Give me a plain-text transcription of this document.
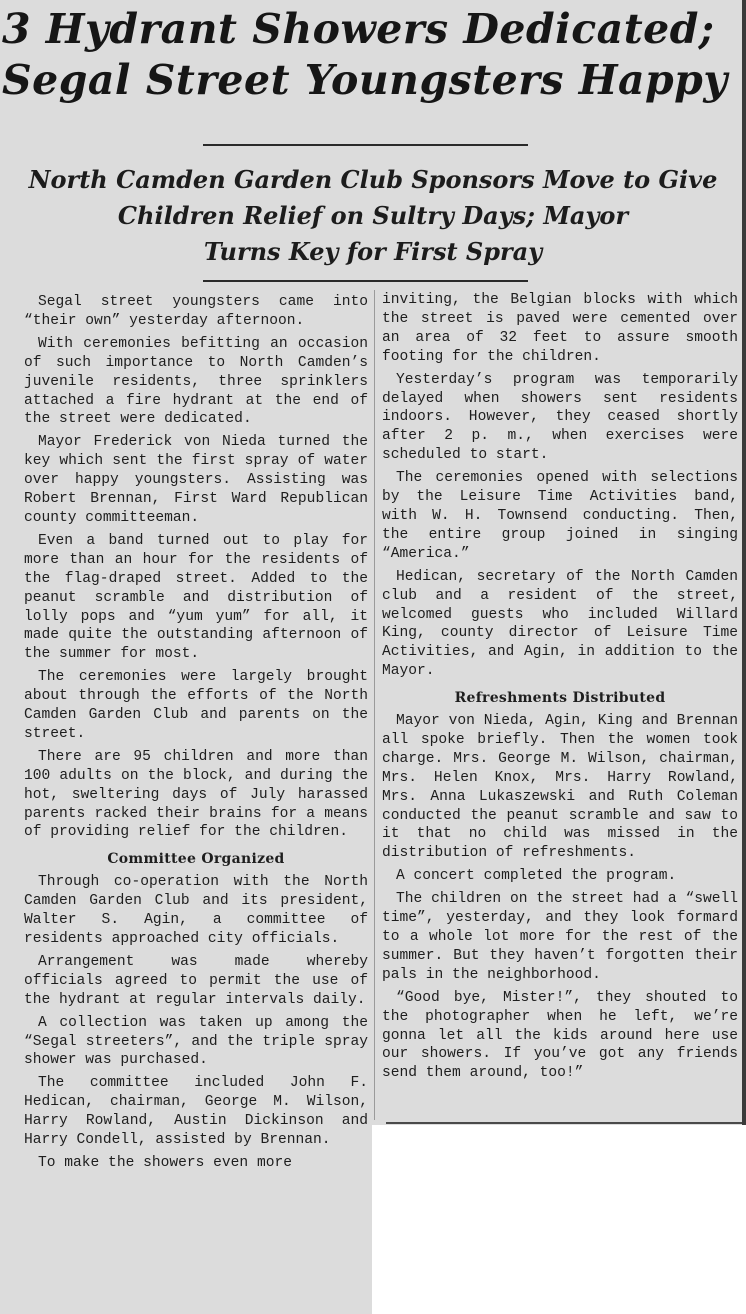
3 Hydrant Showers Dedicated;
Segal Street Youngsters Happy
North Camden Garden Club Sponsors Move to Give
Children Relief on Sultry Days; Mayor
Turns Key for First Spray

Segal street youngsters came into “their own” yesterday afternoon.

With ceremonies befitting an occasion of such importance to North Camden’s juvenile residents, three sprinklers attached a fire hydrant at the end of the street were dedicated.

Mayor Frederick von Nieda turned the key which sent the first spray of water over happy youngsters. Assisting was Robert Brennan, First Ward Republican county committeeman.

Even a band turned out to play for more than an hour for the residents of the flag-draped street. Added to the peanut scramble and distribution of lolly pops and “yum yum” for all, it made quite the outstanding afternoon of the summer for most.

The ceremonies were largely brought about through the efforts of the North Camden Garden Club and parents on the street.

There are 95 children and more than 100 adults on the block, and during the hot, sweltering days of July harassed parents racked their brains for a means of providing relief for the children.

Committee Organized

Through co-operation with the North Camden Garden Club and its president, Walter S. Agin, a committee of residents approached city officials.

Arrangement was made whereby officials agreed to permit the use of the hydrant at regular intervals daily.

A collection was taken up among the “Segal streeters”, and the triple spray shower was purchased.

The committee included John F. Hedican, chairman, George M. Wilson, Harry Rowland, Austin Dickinson and Harry Condell, assisted by Brennan.

To make the showers even more

inviting, the Belgian blocks with which the street is paved were cemented over an area of 32 feet to assure smooth footing for the children.

Yesterday’s program was temporarily delayed when showers sent residents indoors. However, they ceased shortly after 2 p. m., when exercises were scheduled to start.

The ceremonies opened with selections by the Leisure Time Activities band, with W. H. Townsend conducting. Then, the entire group joined in singing “America.”

Hedican, secretary of the North Camden club and a resident of the street, welcomed guests who included Willard King, county director of Leisure Time Activities, and Agin, in addition to the Mayor.

Refreshments Distributed

Mayor von Nieda, Agin, King and Brennan all spoke briefly. Then the women took charge. Mrs. George M. Wilson, chairman, Mrs. Helen Knox, Mrs. Harry Rowland, Mrs. Anna Lukaszewski and Ruth Coleman conducted the peanut scramble and saw to it that no child was missed in the distribution of refreshments.

A concert completed the program.

The children on the street had a “swell time”, yesterday, and they look formard to a whole lot more for the rest of the summer. But they haven’t forgotten their pals in the neighborhood.

“Good bye, Mister!”, they shouted to the photographer when he left, we’re gonna let all the kids around here use our showers. If you’ve got any friends send them around, too!”
